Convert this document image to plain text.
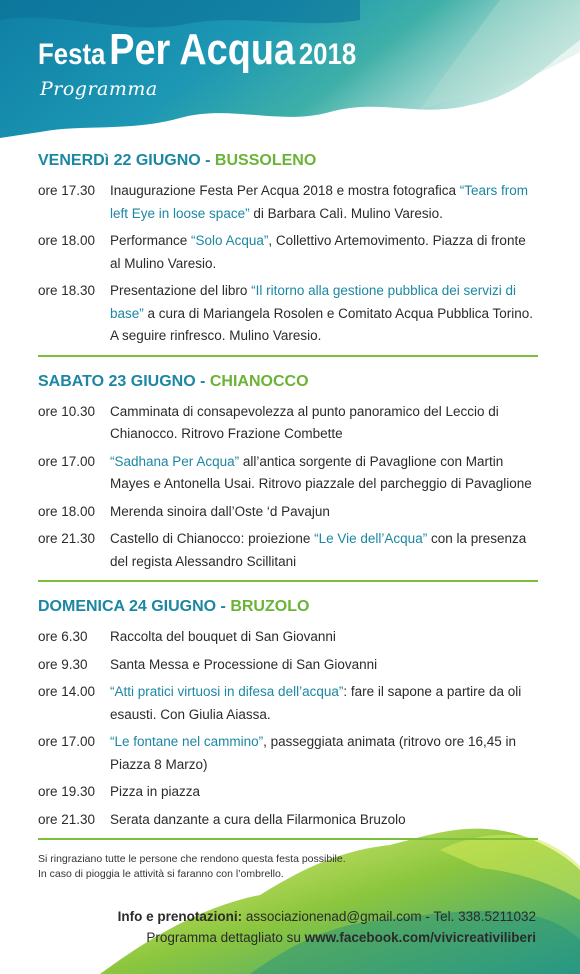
Festa Per Acqua 2018
Programma
VENERDì 22 GIUGNO - BUSSOLENO
ore 17.30	Inaugurazione Festa Per Acqua 2018 e mostra fotografica “Tears from left Eye in loose space” di Barbara Calì. Mulino Varesio.
ore 18.00	Performance “Solo Acqua”, Collettivo Artemovimento. Piazza di fronte al Mulino Varesio.
ore 18.30	Presentazione del libro “Il ritorno alla gestione pubblica dei servizi di base” a cura di Mariangela Rosolen e Comitato Acqua Pubblica Torino. A seguire rinfresco. Mulino Varesio.
SABATO 23 GIUGNO - CHIANOCCO
ore 10.30	Camminata di consapevolezza al punto panoramico del Leccio di Chianocco. Ritrovo Frazione Combette
ore 17.00	“Sadhana Per Acqua” all’antica sorgente di Pavaglione con Martin Mayes e Antonella Usai. Ritrovo piazzale del parcheggio di Pavaglione
ore 18.00	Merenda sinoira dall’Oste ‘d Pavajun
ore 21.30	Castello di Chianocco: proiezione “Le Vie dell’Acqua” con la presenza del regista Alessandro Scillitani
DOMENICA 24 GIUGNO - BRUZOLO
ore 6.30	Raccolta del bouquet di San Giovanni
ore 9.30	Santa Messa e Processione di San Giovanni
ore 14.00	“Atti pratici virtuosi in difesa dell’acqua”: fare il sapone a partire da oli esausti. Con Giulia Aiassa.
ore 17.00	“Le fontane nel cammino”, passeggiata animata (ritrovo ore 16,45 in Piazza 8 Marzo)
ore 19.30	Pizza in piazza
ore 21.30	Serata danzante a cura della Filarmonica Bruzolo
Si ringraziano tutte le persone che rendono questa festa possibile.
In caso di pioggia le attività si faranno con l’ombrello.
Info e prenotazioni: associazionenad@gmail.com - Tel. 338.5211032
Programma dettagliato su www.facebook.com/vivicreativiliberi
